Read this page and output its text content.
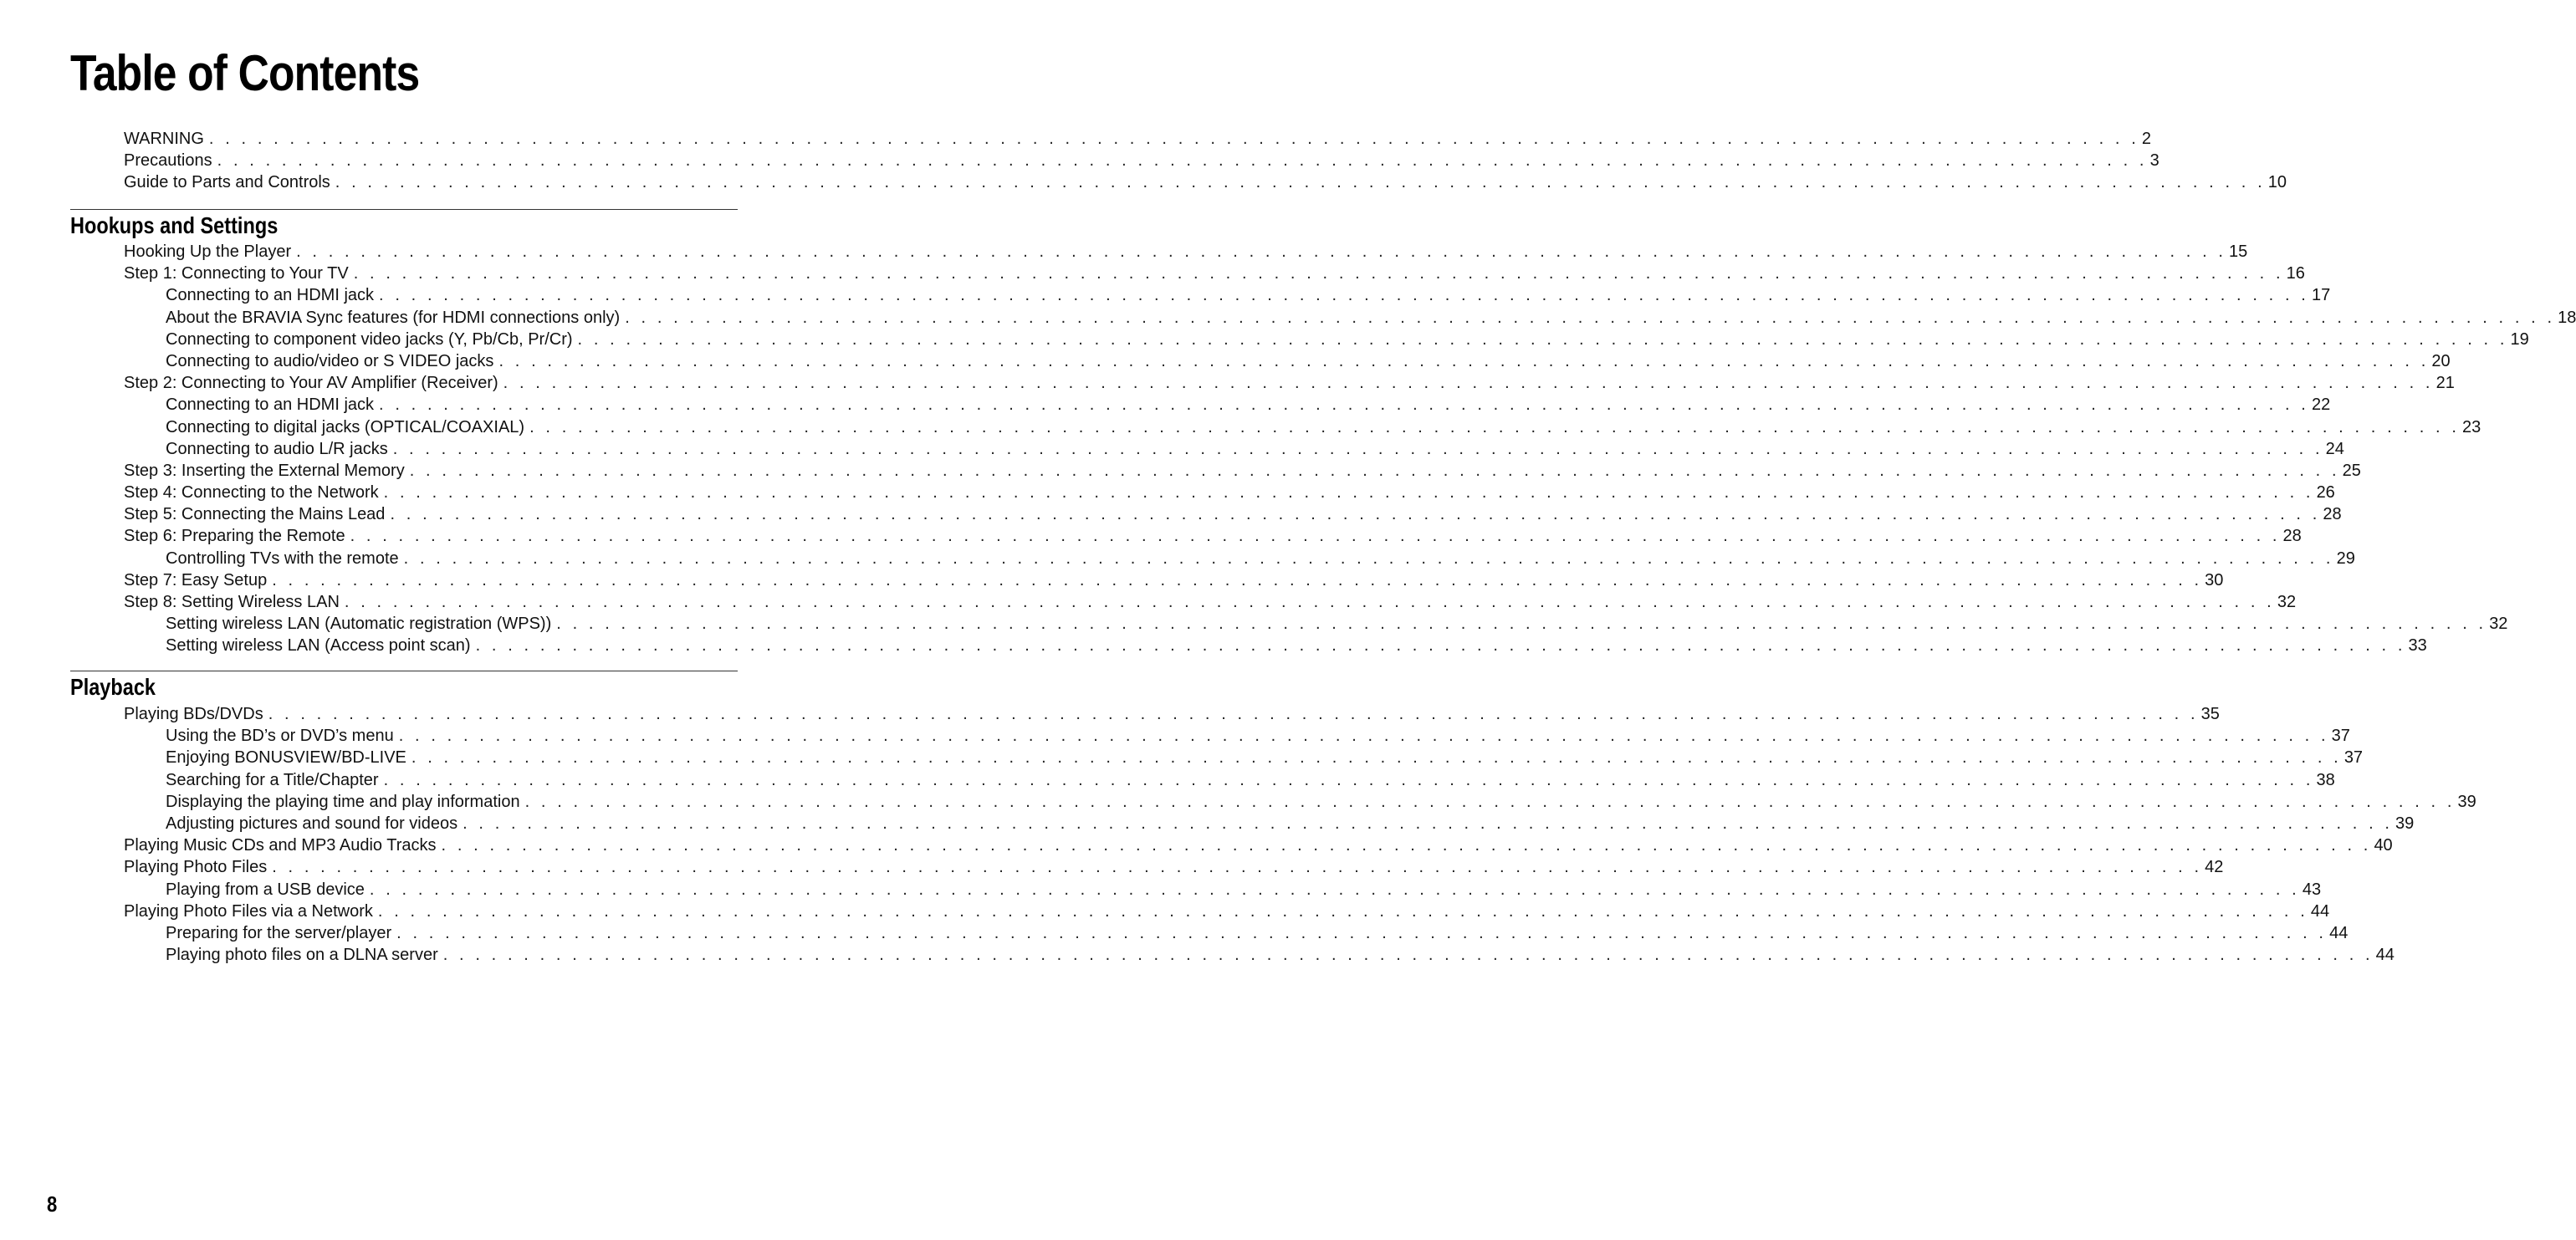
Table of Contents
WARNING . . . . . . . . . . . . . . . . . . . . . . . . . . . . . . . . . . . . . . . . . . . . . . . . . . . . . . . . . . . . . . . . . . . . . . . . . . . . . . . . . . . . . . . . . . . . . . . . . . . . . . . . . . . . . . . . . . . . . . . . 2
Precautions . . . . . . . . . . . . . . . . . . . . . . . . . . . . . . . . . . . . . . . . . . . . . . . . . . . . . . . . . . . . . . . . . . . . . . . . . . . . . . . . . . . . . . . . . . . . . . . . . . . . . . . . . . . . . . . . . . . . . . . . 3
Guide to Parts and Controls . . . . . . . . . . . . . . . . . . . . . . . . . . . . . . . . . . . . . . . . . . . . . . . . . . . . . . . . . . . . . . . . . . . . . . . . . . . . . . . . . . . . . . . . . . . . . . . . . . . . . . . . . . . . . . . . . . . . . . . . 10
Hookups and Settings
Hooking Up the Player . . . . . . . . . . . . . . . . . . . . . . . . . . . . . . . . . . . . . . . . . . . . . . . . . . . . . . . . . . . . . . . . . . . . . . . . . . . . . . . . . . . . . . . . . . . . . . . . . . . . . . . . . . . . . . . . . . . . . . . . 15
Step 1: Connecting to Your TV . . . . . . . . . . . . . . . . . . . . . . . . . . . . . . . . . . . . . . . . . . . . . . . . . . . . . . . . . . . . . . . . . . . . . . . . . . . . . . . . . . . . . . . . . . . . . . . . . . . . . . . . . . . . . . . . . . . . . . . . 16
Connecting to an HDMI jack . . . . . . . . . . . . . . . . . . . . . . . . . . . . . . . . . . . . . . . . . . . . . . . . . . . . . . . . . . . . . . . . . . . . . . . . . . . . . . . . . . . . . . . . . . . . . . . . . . . . . . . . . . . . . . . . . . . . . . . . 17
About the BRAVIA Sync features (for HDMI connections only) . . . . . . . . . . . . . . . . . . . . . . . . . . . . . . . . . . . . . . . . . . . . . . . . . . . . . . . . . . . . . . . . . . . . . . . . . . . . . . . . . . . . . . . . . . . . . . . . . . . . . . . . . . . . . . . . . . . . . . . . 18
Connecting to component video jacks (Y, Pb/Cb, Pr/Cr) . . . . . . . . . . . . . . . . . . . . . . . . . . . . . . . . . . . . . . . . . . . . . . . . . . . . . . . . . . . . . . . . . . . . . . . . . . . . . . . . . . . . . . . . . . . . . . . . . . . . . . . . . . . . . . . . . . . . . . . . 19
Connecting to audio/video or S VIDEO jacks . . . . . . . . . . . . . . . . . . . . . . . . . . . . . . . . . . . . . . . . . . . . . . . . . . . . . . . . . . . . . . . . . . . . . . . . . . . . . . . . . . . . . . . . . . . . . . . . . . . . . . . . . . . . . . . . . . . . . . . . 20
Step 2: Connecting to Your AV Amplifier (Receiver) . . . . . . . . . . . . . . . . . . . . . . . . . . . . . . . . . . . . . . . . . . . . . . . . . . . . . . . . . . . . . . . . . . . . . . . . . . . . . . . . . . . . . . . . . . . . . . . . . . . . . . . . . . . . . . . . . . . . . . . . 21
Connecting to an HDMI jack . . . . . . . . . . . . . . . . . . . . . . . . . . . . . . . . . . . . . . . . . . . . . . . . . . . . . . . . . . . . . . . . . . . . . . . . . . . . . . . . . . . . . . . . . . . . . . . . . . . . . . . . . . . . . . . . . . . . . . . . 22
Connecting to digital jacks (OPTICAL/COAXIAL) . . . . . . . . . . . . . . . . . . . . . . . . . . . . . . . . . . . . . . . . . . . . . . . . . . . . . . . . . . . . . . . . . . . . . . . . . . . . . . . . . . . . . . . . . . . . . . . . . . . . . . . . . . . . . . . . . . . . . . . . 23
Connecting to audio L/R jacks . . . . . . . . . . . . . . . . . . . . . . . . . . . . . . . . . . . . . . . . . . . . . . . . . . . . . . . . . . . . . . . . . . . . . . . . . . . . . . . . . . . . . . . . . . . . . . . . . . . . . . . . . . . . . . . . . . . . . . . . 24
Step 3: Inserting the External Memory . . . . . . . . . . . . . . . . . . . . . . . . . . . . . . . . . . . . . . . . . . . . . . . . . . . . . . . . . . . . . . . . . . . . . . . . . . . . . . . . . . . . . . . . . . . . . . . . . . . . . . . . . . . . . . . . . . . . . . . . 25
Step 4: Connecting to the Network . . . . . . . . . . . . . . . . . . . . . . . . . . . . . . . . . . . . . . . . . . . . . . . . . . . . . . . . . . . . . . . . . . . . . . . . . . . . . . . . . . . . . . . . . . . . . . . . . . . . . . . . . . . . . . . . . . . . . . . . 26
Step 5: Connecting the Mains Lead . . . . . . . . . . . . . . . . . . . . . . . . . . . . . . . . . . . . . . . . . . . . . . . . . . . . . . . . . . . . . . . . . . . . . . . . . . . . . . . . . . . . . . . . . . . . . . . . . . . . . . . . . . . . . . . . . . . . . . . . 28
Step 6: Preparing the Remote . . . . . . . . . . . . . . . . . . . . . . . . . . . . . . . . . . . . . . . . . . . . . . . . . . . . . . . . . . . . . . . . . . . . . . . . . . . . . . . . . . . . . . . . . . . . . . . . . . . . . . . . . . . . . . . . . . . . . . . . 28
Controlling TVs with the remote . . . . . . . . . . . . . . . . . . . . . . . . . . . . . . . . . . . . . . . . . . . . . . . . . . . . . . . . . . . . . . . . . . . . . . . . . . . . . . . . . . . . . . . . . . . . . . . . . . . . . . . . . . . . . . . . . . . . . . . . 29
Step 7: Easy Setup . . . . . . . . . . . . . . . . . . . . . . . . . . . . . . . . . . . . . . . . . . . . . . . . . . . . . . . . . . . . . . . . . . . . . . . . . . . . . . . . . . . . . . . . . . . . . . . . . . . . . . . . . . . . . . . . . . . . . . . . 30
Step 8: Setting Wireless LAN . . . . . . . . . . . . . . . . . . . . . . . . . . . . . . . . . . . . . . . . . . . . . . . . . . . . . . . . . . . . . . . . . . . . . . . . . . . . . . . . . . . . . . . . . . . . . . . . . . . . . . . . . . . . . . . . . . . . . . . . 32
Setting wireless LAN (Automatic registration (WPS)) . . . . . . . . . . . . . . . . . . . . . . . . . . . . . . . . . . . . . . . . . . . . . . . . . . . . . . . . . . . . . . . . . . . . . . . . . . . . . . . . . . . . . . . . . . . . . . . . . . . . . . . . . . . . . . . . . . . . . . . . 32
Setting wireless LAN (Access point scan) . . . . . . . . . . . . . . . . . . . . . . . . . . . . . . . . . . . . . . . . . . . . . . . . . . . . . . . . . . . . . . . . . . . . . . . . . . . . . . . . . . . . . . . . . . . . . . . . . . . . . . . . . . . . . . . . . . . . . . . . 33
Playback
Playing BDs/DVDs . . . . . . . . . . . . . . . . . . . . . . . . . . . . . . . . . . . . . . . . . . . . . . . . . . . . . . . . . . . . . . . . . . . . . . . . . . . . . . . . . . . . . . . . . . . . . . . . . . . . . . . . . . . . . . . . . . . . . . . . 35
Using the BD’s or DVD’s menu . . . . . . . . . . . . . . . . . . . . . . . . . . . . . . . . . . . . . . . . . . . . . . . . . . . . . . . . . . . . . . . . . . . . . . . . . . . . . . . . . . . . . . . . . . . . . . . . . . . . . . . . . . . . . . . . . . . . . . . . 37
Enjoying BONUSVIEW/BD-LIVE . . . . . . . . . . . . . . . . . . . . . . . . . . . . . . . . . . . . . . . . . . . . . . . . . . . . . . . . . . . . . . . . . . . . . . . . . . . . . . . . . . . . . . . . . . . . . . . . . . . . . . . . . . . . . . . . . . . . . . . . 37
Searching for a Title/Chapter . . . . . . . . . . . . . . . . . . . . . . . . . . . . . . . . . . . . . . . . . . . . . . . . . . . . . . . . . . . . . . . . . . . . . . . . . . . . . . . . . . . . . . . . . . . . . . . . . . . . . . . . . . . . . . . . . . . . . . . . 38
Displaying the playing time and play information . . . . . . . . . . . . . . . . . . . . . . . . . . . . . . . . . . . . . . . . . . . . . . . . . . . . . . . . . . . . . . . . . . . . . . . . . . . . . . . . . . . . . . . . . . . . . . . . . . . . . . . . . . . . . . . . . . . . . . . . 39
Adjusting pictures and sound for videos . . . . . . . . . . . . . . . . . . . . . . . . . . . . . . . . . . . . . . . . . . . . . . . . . . . . . . . . . . . . . . . . . . . . . . . . . . . . . . . . . . . . . . . . . . . . . . . . . . . . . . . . . . . . . . . . . . . . . . . . 39
Playing Music CDs and MP3 Audio Tracks . . . . . . . . . . . . . . . . . . . . . . . . . . . . . . . . . . . . . . . . . . . . . . . . . . . . . . . . . . . . . . . . . . . . . . . . . . . . . . . . . . . . . . . . . . . . . . . . . . . . . . . . . . . . . . . . . . . . . . . . 40
Playing Photo Files . . . . . . . . . . . . . . . . . . . . . . . . . . . . . . . . . . . . . . . . . . . . . . . . . . . . . . . . . . . . . . . . . . . . . . . . . . . . . . . . . . . . . . . . . . . . . . . . . . . . . . . . . . . . . . . . . . . . . . . . 42
Playing from a USB device . . . . . . . . . . . . . . . . . . . . . . . . . . . . . . . . . . . . . . . . . . . . . . . . . . . . . . . . . . . . . . . . . . . . . . . . . . . . . . . . . . . . . . . . . . . . . . . . . . . . . . . . . . . . . . . . . . . . . . . . 43
Playing Photo Files via a Network . . . . . . . . . . . . . . . . . . . . . . . . . . . . . . . . . . . . . . . . . . . . . . . . . . . . . . . . . . . . . . . . . . . . . . . . . . . . . . . . . . . . . . . . . . . . . . . . . . . . . . . . . . . . . . . . . . . . . . . . 44
Preparing for the server/player . . . . . . . . . . . . . . . . . . . . . . . . . . . . . . . . . . . . . . . . . . . . . . . . . . . . . . . . . . . . . . . . . . . . . . . . . . . . . . . . . . . . . . . . . . . . . . . . . . . . . . . . . . . . . . . . . . . . . . . . 44
Playing photo files on a DLNA server . . . . . . . . . . . . . . . . . . . . . . . . . . . . . . . . . . . . . . . . . . . . . . . . . . . . . . . . . . . . . . . . . . . . . . . . . . . . . . . . . . . . . . . . . . . . . . . . . . . . . . . . . . . . . . . . . . . . . . . . 44
8
